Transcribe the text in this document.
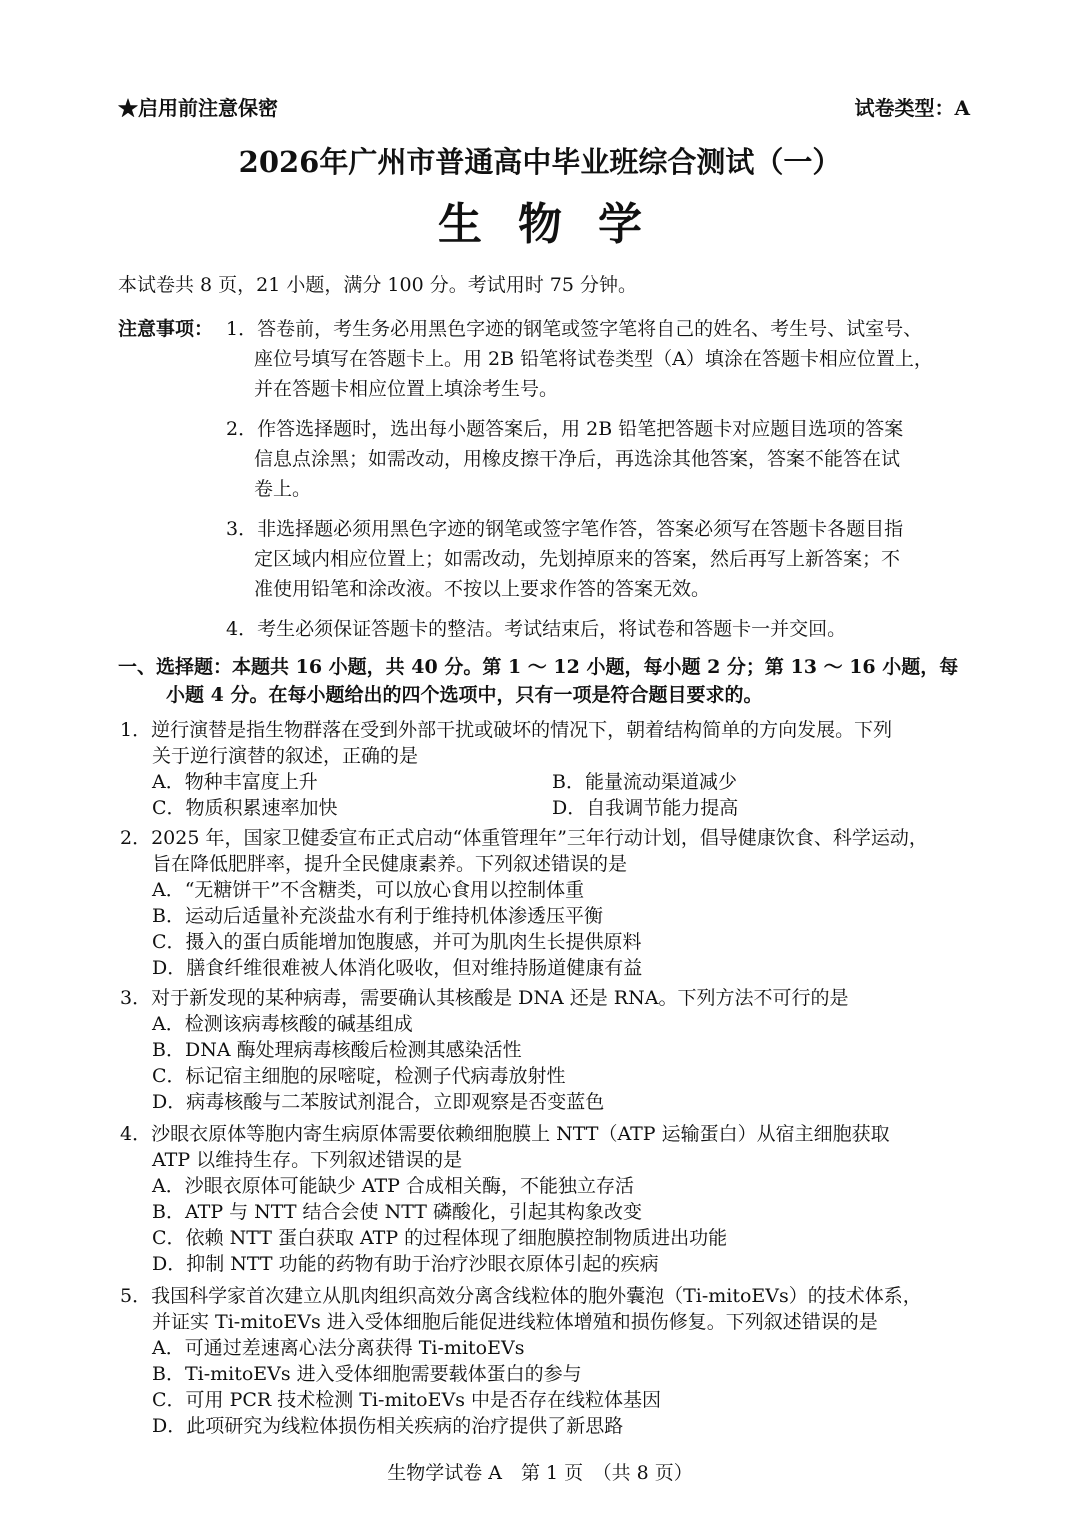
★启用前注意保密	试卷类型：A
2026年广州市普通高中毕业班综合测试（一）
生物学
本试卷共 8 页，21 小题，满分 100 分。考试用时 75 分钟。
注意事项： 1．答卷前，考生务必用黑色字迹的钢笔或签字笔将自己的姓名、考生号、试室号、
座位号填写在答题卡上。用 2B 铅笔将试卷类型（A）填涂在答题卡相应位置上，
并在答题卡相应位置上填涂考生号。
2．作答选择题时，选出每小题答案后，用 2B 铅笔把答题卡对应题目选项的答案
信息点涂黑；如需改动，用橡皮擦干净后，再选涂其他答案，答案不能答在试
卷上。
3．非选择题必须用黑色字迹的钢笔或签字笔作答，答案必须写在答题卡各题目指
定区域内相应位置上；如需改动，先划掉原来的答案，然后再写上新答案；不
准使用铅笔和涂改液。不按以上要求作答的答案无效。
4．考生必须保证答题卡的整洁。考试结束后，将试卷和答题卡一并交回。
一、选择题：本题共 16 小题，共 40 分。第 1 ～ 12 小题，每小题 2 分；第 13 ～ 16 小题，每
小题 4 分。在每小题给出的四个选项中，只有一项是符合题目要求的。
1．逆行演替是指生物群落在受到外部干扰或破坏的情况下，朝着结构简单的方向发展。下列
关于逆行演替的叙述，正确的是
A．物种丰富度上升	B．能量流动渠道减少
C．物质积累速率加快	D．自我调节能力提高
2．2025 年，国家卫健委宣布正式启动“体重管理年”三年行动计划，倡导健康饮食、科学运动，
旨在降低肥胖率，提升全民健康素养。下列叙述错误的是
A．“无糖饼干”不含糖类，可以放心食用以控制体重
B．运动后适量补充淡盐水有利于维持机体渗透压平衡
C．摄入的蛋白质能增加饱腹感，并可为肌肉生长提供原料
D．膳食纤维很难被人体消化吸收，但对维持肠道健康有益
3．对于新发现的某种病毒，需要确认其核酸是 DNA 还是 RNA。下列方法不可行的是
A．检测该病毒核酸的碱基组成
B．DNA 酶处理病毒核酸后检测其感染活性
C．标记宿主细胞的尿嘧啶，检测子代病毒放射性
D．病毒核酸与二苯胺试剂混合，立即观察是否变蓝色
4．沙眼衣原体等胞内寄生病原体需要依赖细胞膜上 NTT（ATP 运输蛋白）从宿主细胞获取
ATP 以维持生存。下列叙述错误的是
A．沙眼衣原体可能缺少 ATP 合成相关酶，不能独立存活
B．ATP 与 NTT 结合会使 NTT 磷酸化，引起其构象改变
C．依赖 NTT 蛋白获取 ATP 的过程体现了细胞膜控制物质进出功能
D．抑制 NTT 功能的药物有助于治疗沙眼衣原体引起的疾病
5．我国科学家首次建立从肌肉组织高效分离含线粒体的胞外囊泡（Ti-mitoEVs）的技术体系，
并证实 Ti-mitoEVs 进入受体细胞后能促进线粒体增殖和损伤修复。下列叙述错误的是
A．可通过差速离心法分离获得 Ti-mitoEVs
B．Ti-mitoEVs 进入受体细胞需要载体蛋白的参与
C．可用 PCR 技术检测 Ti-mitoEVs 中是否存在线粒体基因
D．此项研究为线粒体损伤相关疾病的治疗提供了新思路
生物学试卷 A　第 1 页　（共 8 页）
